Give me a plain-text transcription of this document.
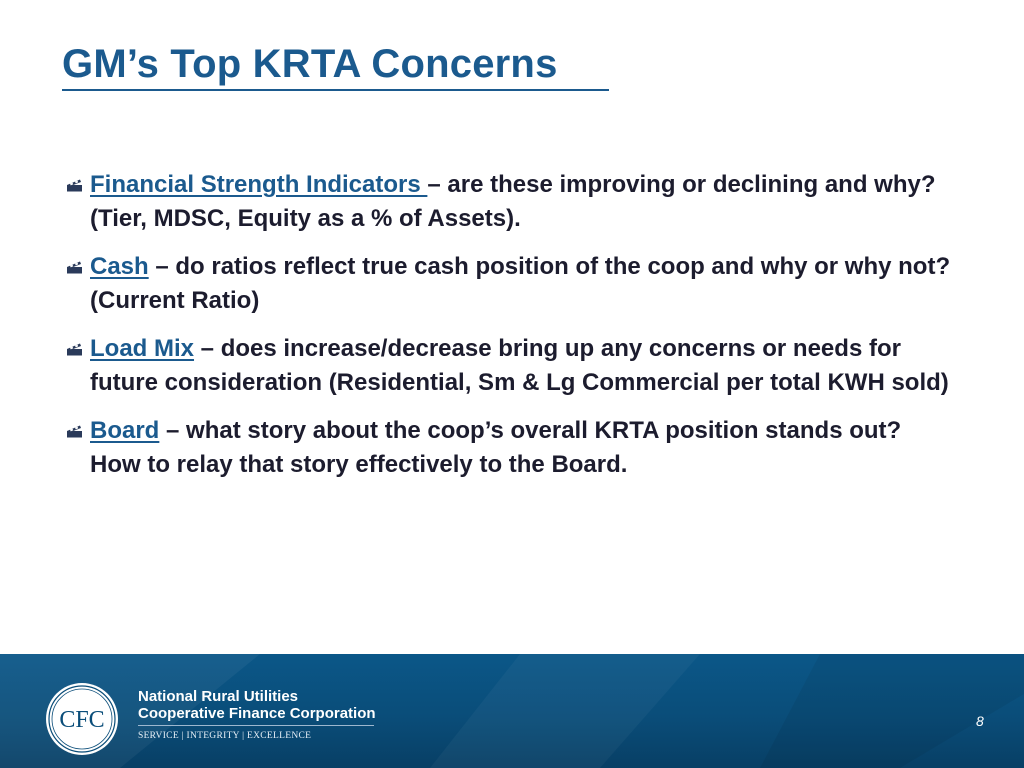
GM’s Top KRTA Concerns
Financial Strength Indicators – are these improving or declining and why? (Tier, MDSC, Equity as a % of Assets).
Cash – do ratios reflect true cash position of the coop and why or why not? (Current Ratio)
Load Mix – does increase/decrease bring up any concerns or needs for future consideration (Residential, Sm & Lg Commercial per total KWH sold)
Board – what story about the coop’s overall KRTA position stands out? How to relay that story effectively to the Board.
CFC
National Rural Utilities
Cooperative Finance Corporation
SERVICE | INTEGRITY | EXCELLENCE
8
